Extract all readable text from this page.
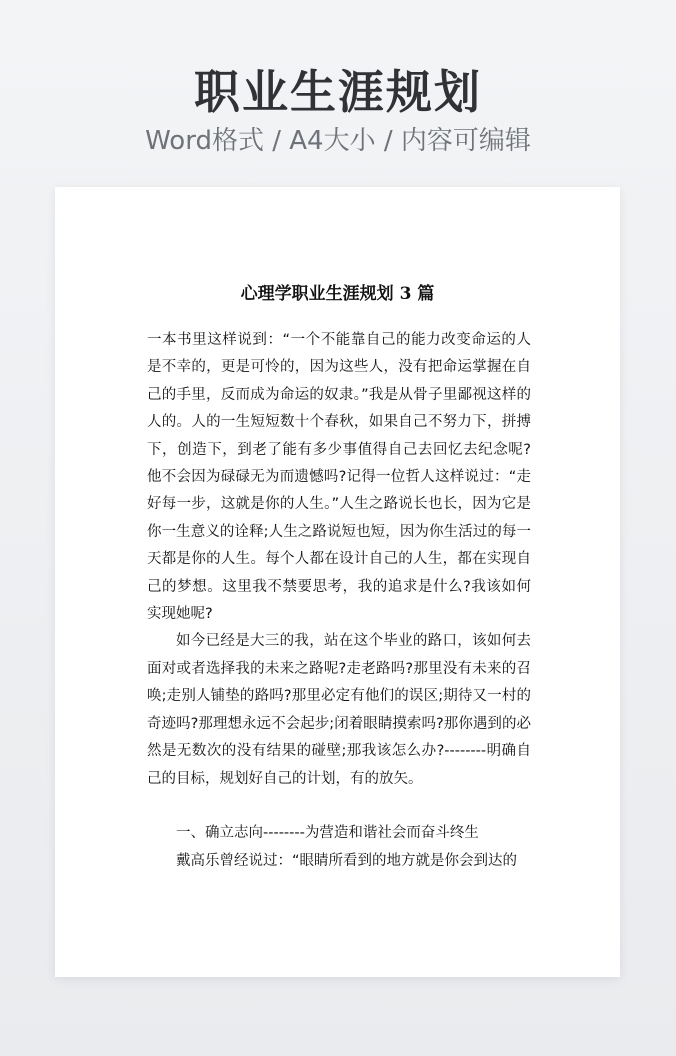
职业生涯规划
Word格式 / A4大小 / 内容可编辑
心理学职业生涯规划 3 篇

一本书里这样说到：“一个不能靠自己的能力改变命运的人是不幸的，更是可怜的，因为这些人，没有把命运掌握在自己的手里，反而成为命运的奴隶。”我是从骨子里鄙视这样的人的。人的一生短短数十个春秋，如果自己不努力下，拼搏下，创造下，到老了能有多少事值得自己去回忆去纪念呢?他不会因为碌碌无为而遗憾吗?记得一位哲人这样说过：“走好每一步，这就是你的人生。”人生之路说长也长，因为它是你一生意义的诠释;人生之路说短也短，因为你生活过的每一天都是你的人生。每个人都在设计自己的人生，都在实现自己的梦想。这里我不禁要思考，我的追求是什么?我该如何实现她呢?

如今已经是大三的我，站在这个毕业的路口，该如何去面对或者选择我的未来之路呢?走老路吗?那里没有未来的召唤;走别人铺垫的路吗?那里必定有他们的误区;期待又一村的奇迹吗?那理想永远不会起步;闭着眼睛摸索吗?那你遇到的必然是无数次的没有结果的碰壁;那我该怎么办?--------明确自己的目标，规划好自己的计划，有的放矢。

一、确立志向--------为营造和谐社会而奋斗终生

戴高乐曾经说过：“眼睛所看到的地方就是你会到达的
